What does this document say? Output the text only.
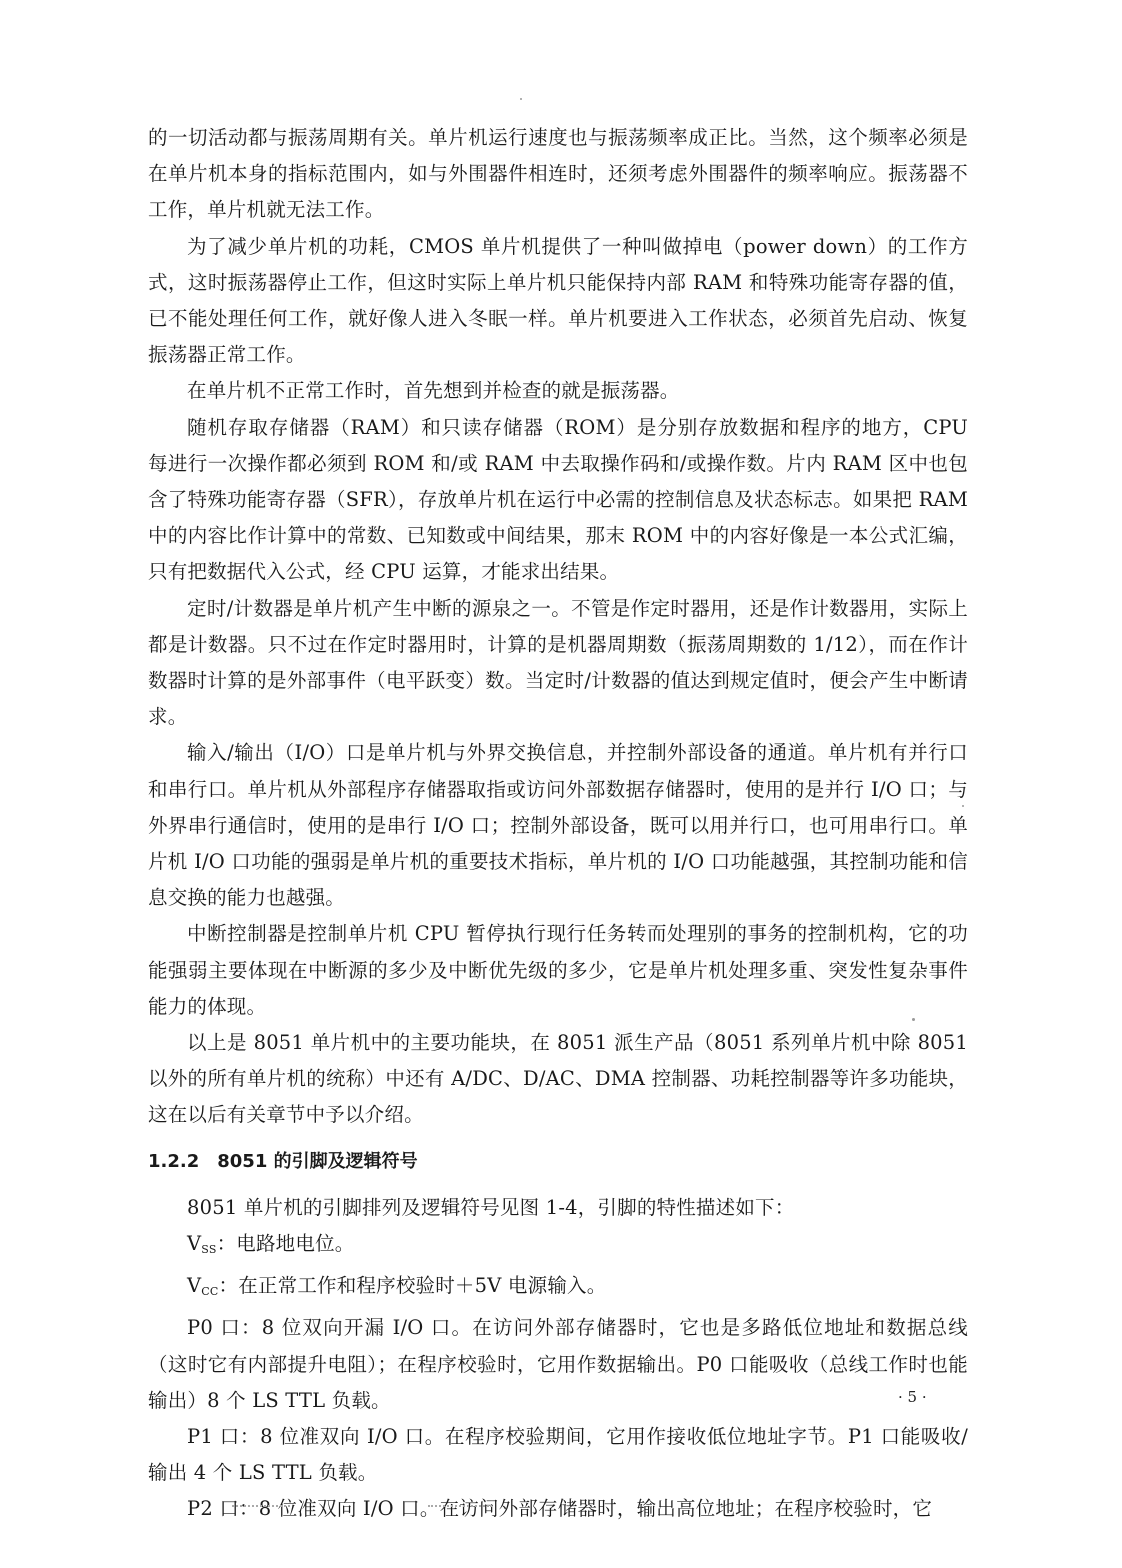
的一切活动都与振荡周期有关。单片机运行速度也与振荡频率成正比。当然，这个频率必须是在单片机本身的指标范围内，如与外围器件相连时，还须考虑外围器件的频率响应。振荡器不工作，单片机就无法工作。

为了减少单片机的功耗，CMOS 单片机提供了一种叫做掉电（power down）的工作方式，这时振荡器停止工作，但这时实际上单片机只能保持内部 RAM 和特殊功能寄存器的值，已不能处理任何工作，就好像人进入冬眠一样。单片机要进入工作状态，必须首先启动、恢复振荡器正常工作。

在单片机不正常工作时，首先想到并检查的就是振荡器。

随机存取存储器（RAM）和只读存储器（ROM）是分别存放数据和程序的地方，CPU 每进行一次操作都必须到 ROM 和/或 RAM 中去取操作码和/或操作数。片内 RAM 区中也包含了特殊功能寄存器（SFR），存放单片机在运行中必需的控制信息及状态标志。如果把 RAM 中的内容比作计算中的常数、已知数或中间结果，那末 ROM 中的内容好像是一本公式汇编，只有把数据代入公式，经 CPU 运算，才能求出结果。

定时/计数器是单片机产生中断的源泉之一。不管是作定时器用，还是作计数器用，实际上都是计数器。只不过在作定时器用时，计算的是机器周期数（振荡周期数的 1/12），而在作计数器时计算的是外部事件（电平跃变）数。当定时/计数器的值达到规定值时，便会产生中断请求。

输入/输出（I/O）口是单片机与外界交换信息，并控制外部设备的通道。单片机有并行口和串行口。单片机从外部程序存储器取指或访问外部数据存储器时，使用的是并行 I/O 口；与外界串行通信时，使用的是串行 I/O 口；控制外部设备，既可以用并行口，也可用串行口。单片机 I/O 口功能的强弱是单片机的重要技术指标，单片机的 I/O 口功能越强，其控制功能和信息交换的能力也越强。

中断控制器是控制单片机 CPU 暂停执行现行任务转而处理别的事务的控制机构，它的功能强弱主要体现在中断源的多少及中断优先级的多少，它是单片机处理多重、突发性复杂事件能力的体现。

以上是 8051 单片机中的主要功能块，在 8051 派生产品（8051 系列单片机中除 8051 以外的所有单片机的统称）中还有 A/DC、D/AC、DMA 控制器、功耗控制器等许多功能块，这在以后有关章节中予以介绍。

1.2.2 8051 的引脚及逻辑符号

8051 单片机的引脚排列及逻辑符号见图 1-4，引脚的特性描述如下：

$V_{SS}$：电路地电位。

$V_{CC}$：在正常工作和程序校验时＋5V 电源输入。

P0 口：8 位双向开漏 I/O 口。在访问外部存储器时，它也是多路低位地址和数据总线（这时它有内部提升电阻）；在程序校验时，它用作数据输出。P0 口能吸收（总线工作时也能输出）8 个 LS TTL 负载。

P1 口：8 位准双向 I/O 口。在程序校验期间，它用作接收低位地址字节。P1 口能吸收/输出 4 个 LS TTL 负载。

P2 口：8 位准双向 I/O 口。在访问外部存储器时，输出高位地址；在程序校验时，它

· 5 ·
